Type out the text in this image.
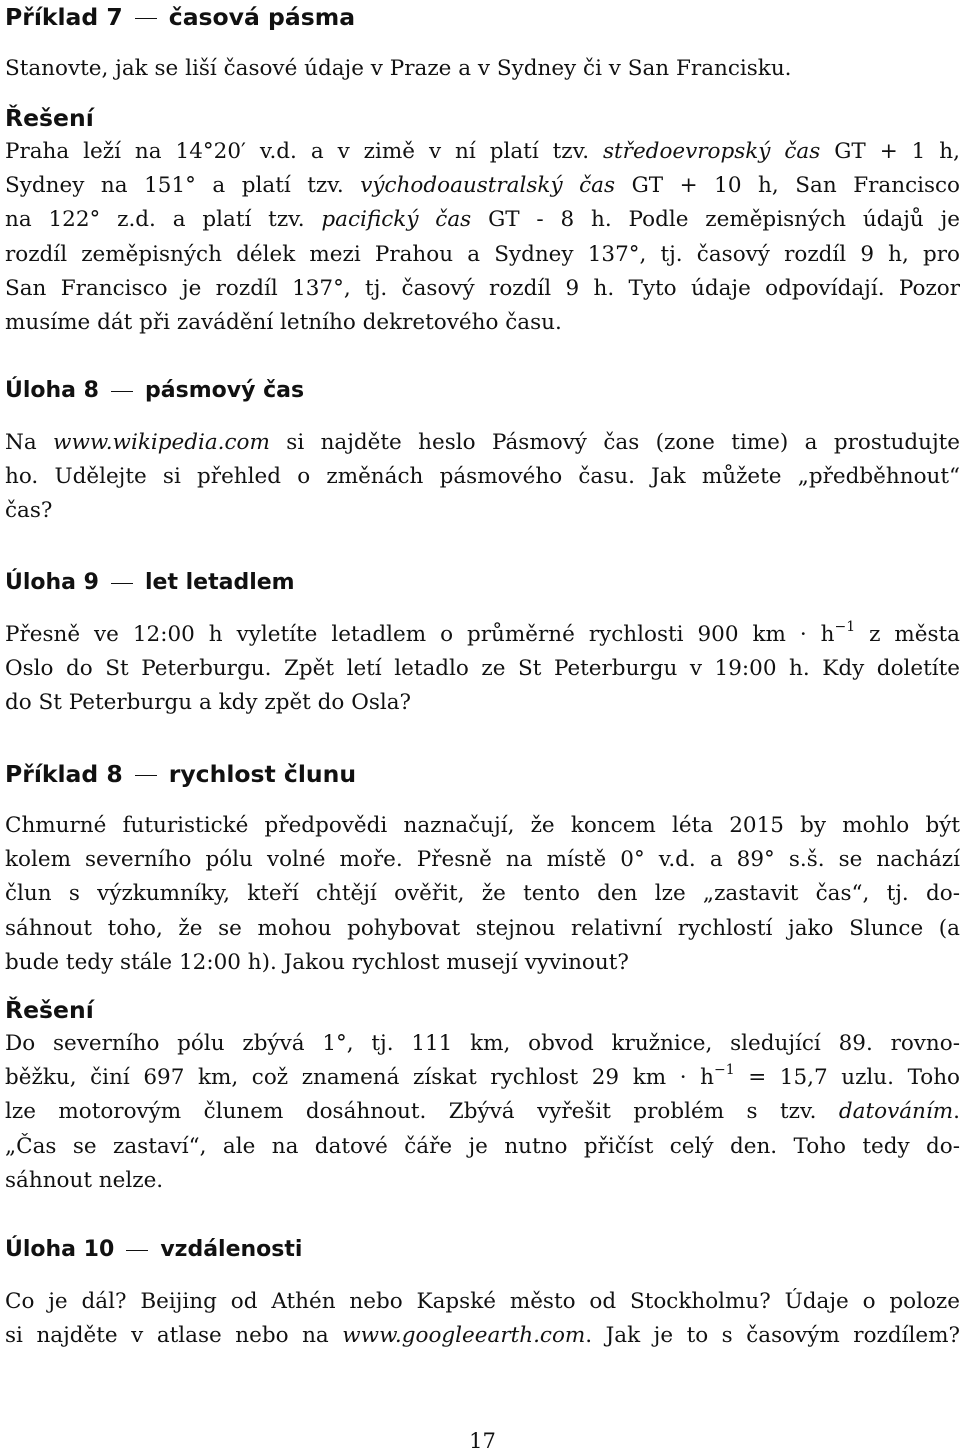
Příklad 7 časová pásma
Stanovte, jak se liší časové údaje v Praze a v Sydney či v San Francisku.
Řešení
Praha leží na 14°20′ v.d. a v zimě v ní platí tzv. středoevropský čas GT + 1 h,
Sydney na 151° a platí tzv. východoaustralský čas GT + 10 h, San Francisco
na 122° z.d. a platí tzv. pacifický čas GT - 8 h. Podle zeměpisných údajů je
rozdíl zeměpisných délek mezi Prahou a Sydney 137°, tj. časový rozdíl 9 h, pro
San Francisco je rozdíl 137°, tj. časový rozdíl 9 h. Tyto údaje odpovídají. Pozor
musíme dát při zavádění letního dekretového času.
Úloha 8 pásmový čas
Na www.wikipedia.com si najděte heslo Pásmový čas (zone time) a prostudujte
ho. Udělejte si přehled o změnách pásmového času. Jak můžete „předběhnout“
čas?
Úloha 9 let letadlem
Přesně ve 12:00 h vyletíte letadlem o průměrné rychlosti 900 km · $h^{-1}$ z města
Oslo do St Peterburgu. Zpět letí letadlo ze St Peterburgu v 19:00 h. Kdy doletíte
do St Peterburgu a kdy zpět do Osla?
Příklad 8 rychlost člunu
Chmurné futuristické předpovědi naznačují, že koncem léta 2015 by mohlo být
kolem severního pólu volné moře. Přesně na místě 0° v.d. a 89° s.š. se nachází
člun s výzkumníky, kteří chtějí ověřit, že tento den lze „zastavit čas“, tj. do-
sáhnout toho, že se mohou pohybovat stejnou relativní rychlostí jako Slunce (a
bude tedy stále 12:00 h). Jakou rychlost musejí vyvinout?
Řešení
Do severního pólu zbývá 1°, tj. 111 km, obvod kružnice, sledující 89. rovno-
běžku, činí 697 km, což znamená získat rychlost 29 km · $h^{-1} = 15,7$ uzlu. Toho
lze motorovým člunem dosáhnout. Zbývá vyřešit problém s tzv. datováním.
„Čas se zastaví“, ale na datové čáře je nutno přičíst celý den. Toho tedy do-
sáhnout nelze.
Úloha 10 vzdálenosti
Co je dál? Beijing od Athén nebo Kapské město od Stockholmu? Údaje o poloze
si najděte v atlase nebo na www.googleearth.com. Jak je to s časovým rozdílem?
17
